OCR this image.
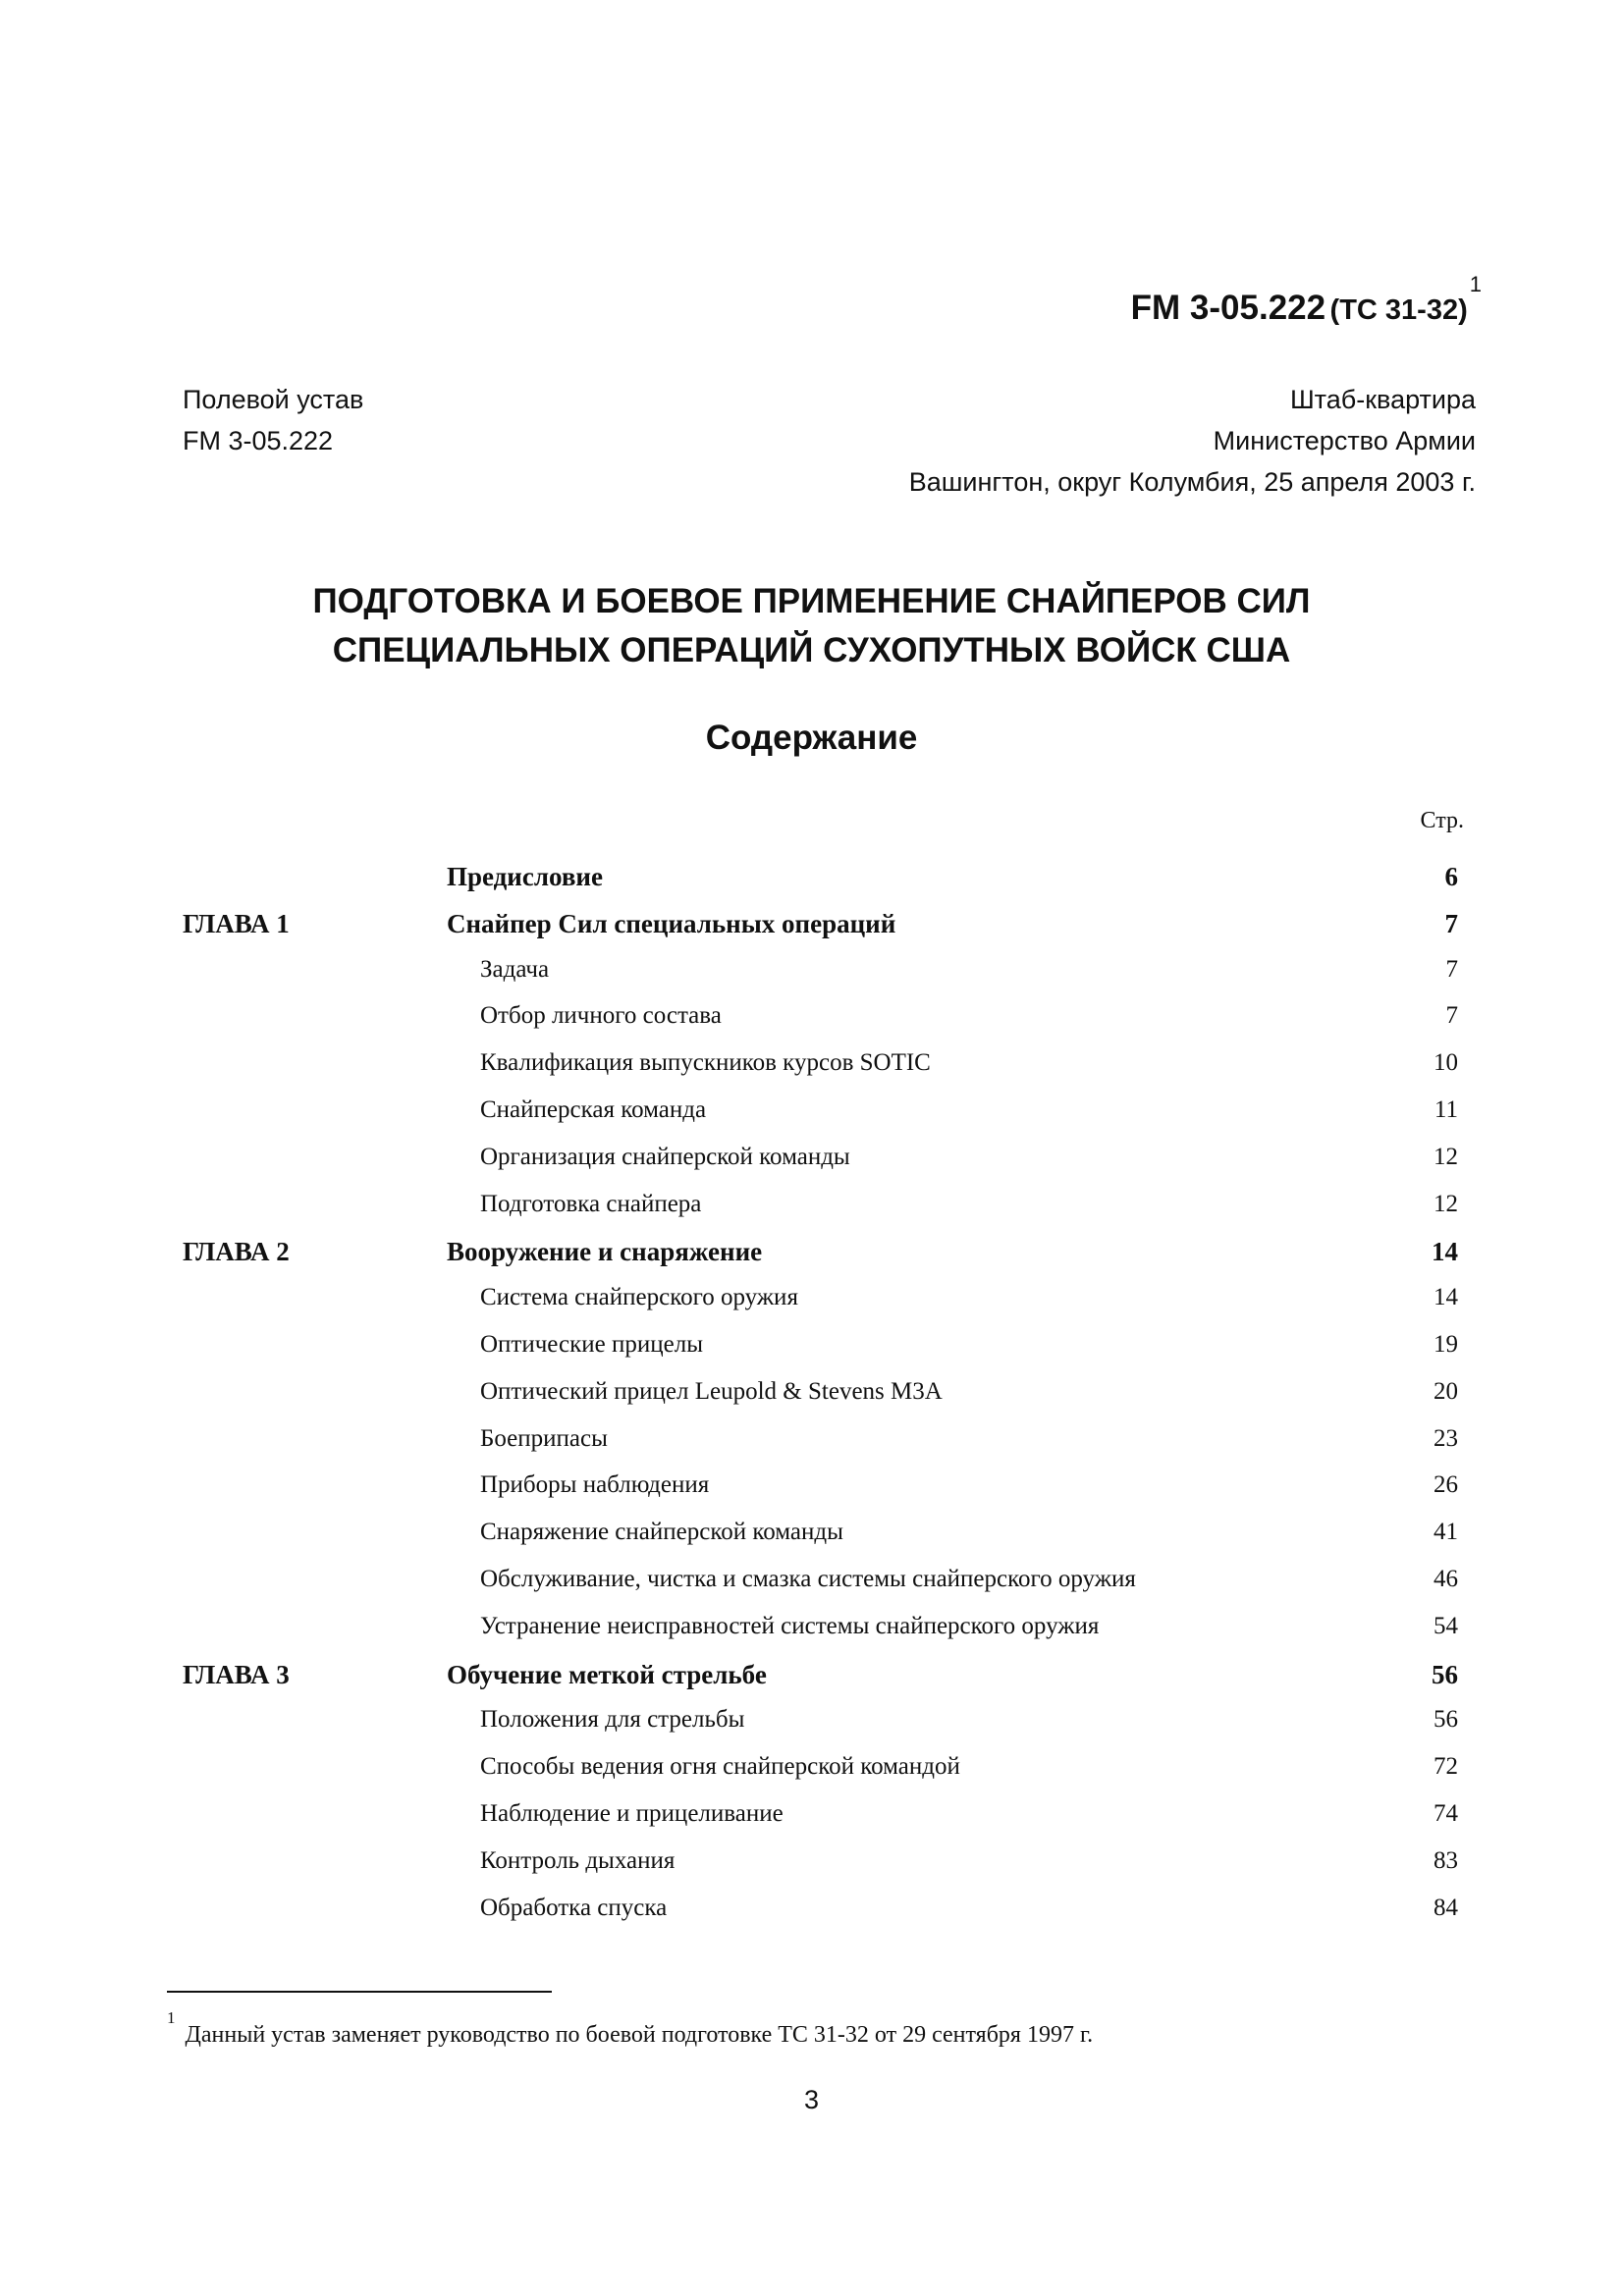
FM 3-05.222 (TC 31-32)$^1$
Полевой устав
FM 3-05.222
Штаб-квартира
Министерство Армии
Вашингтон, округ Колумбия, 25 апреля 2003 г.
ПОДГОТОВКА И БОЕВОЕ ПРИМЕНЕНИЕ СНАЙПЕРОВ СИЛ
СПЕЦИАЛЬНЫХ ОПЕРАЦИЙ СУХОПУТНЫХ ВОЙСК США
Содержание
Стр.
Предисловие	6
ГЛАВА 1	Снайпер Сил специальных операций	7
Задача	7
Отбор личного состава	7
Квалификация выпускников курсов SOTIC	10
Снайперская команда	11
Организация снайперской команды	12
Подготовка снайпера	12
ГЛАВА 2	Вооружение и снаряжение	14
Система снайперского оружия	14
Оптические прицелы	19
Оптический прицел Leupold & Stevens M3A	20
Боеприпасы	23
Приборы наблюдения	26
Снаряжение снайперской команды	41
Обслуживание, чистка и смазка системы снайперского оружия	46
Устранение неисправностей системы снайперского оружия	54
ГЛАВА 3	Обучение меткой стрельбе	56
Положения для стрельбы	56
Способы ведения огня снайперской командой	72
Наблюдение и прицеливание	74
Контроль дыхания	83
Обработка спуска	84
$^1$Данный устав заменяет руководство по боевой подготовке TC 31-32 от 29 сентября 1997 г.
3
